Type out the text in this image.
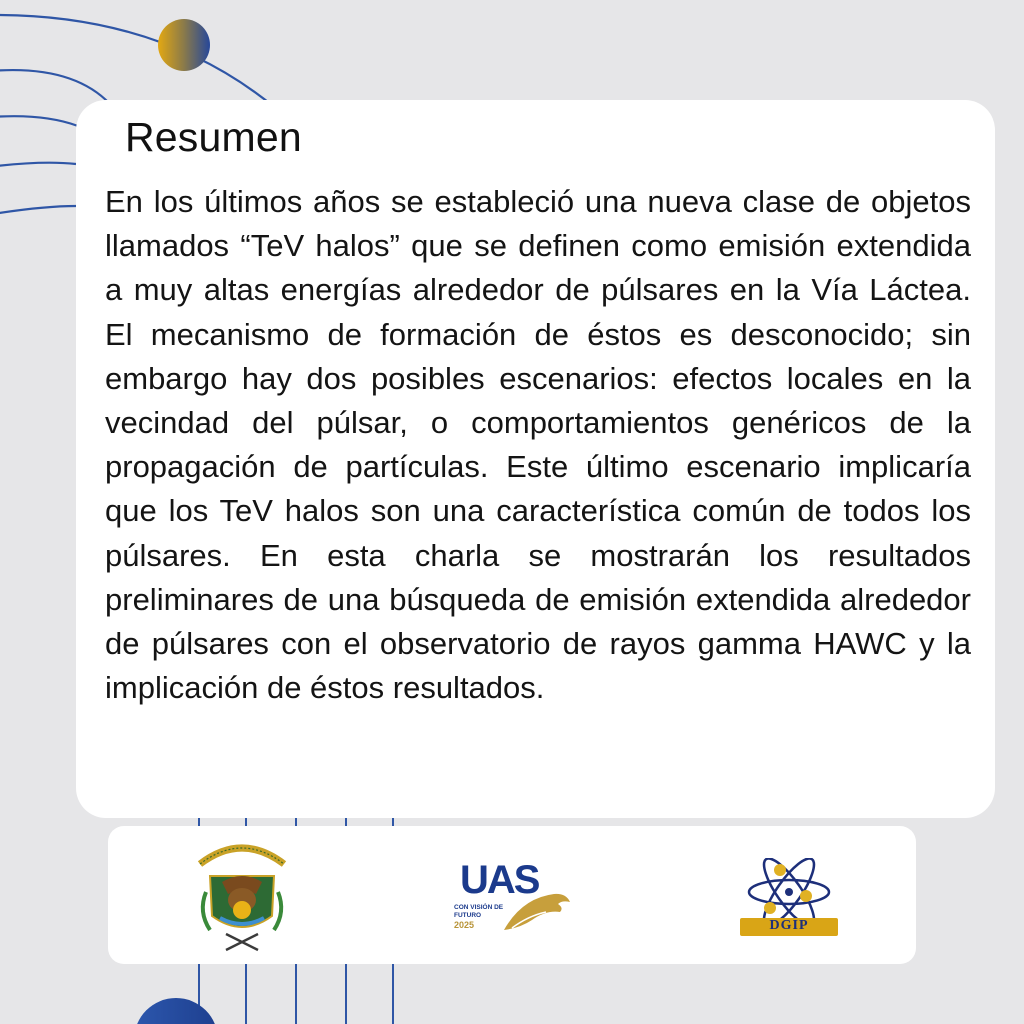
Resumen

En los últimos años se estableció una nueva clase de objetos llamados “TeV halos” que se definen como emisión extendida a muy altas energías alrededor de púlsares en la Vía Láctea. El mecanismo de formación de éstos es desconocido; sin embargo hay dos posibles escenarios: efectos locales en la vecindad del púlsar, o comportamientos genéricos de la propagación de partículas. Este último escenario implicaría que los TeV halos son una característica común de todos los púlsares. En esta charla se mostrarán los resultados preliminares de una búsqueda de emisión extendida alrededor de púlsares con el observatorio de rayos gamma HAWC y la implicación de éstos resultados.

UAS
CON VISIÓN DE
FUTURO
2025	DGIP
